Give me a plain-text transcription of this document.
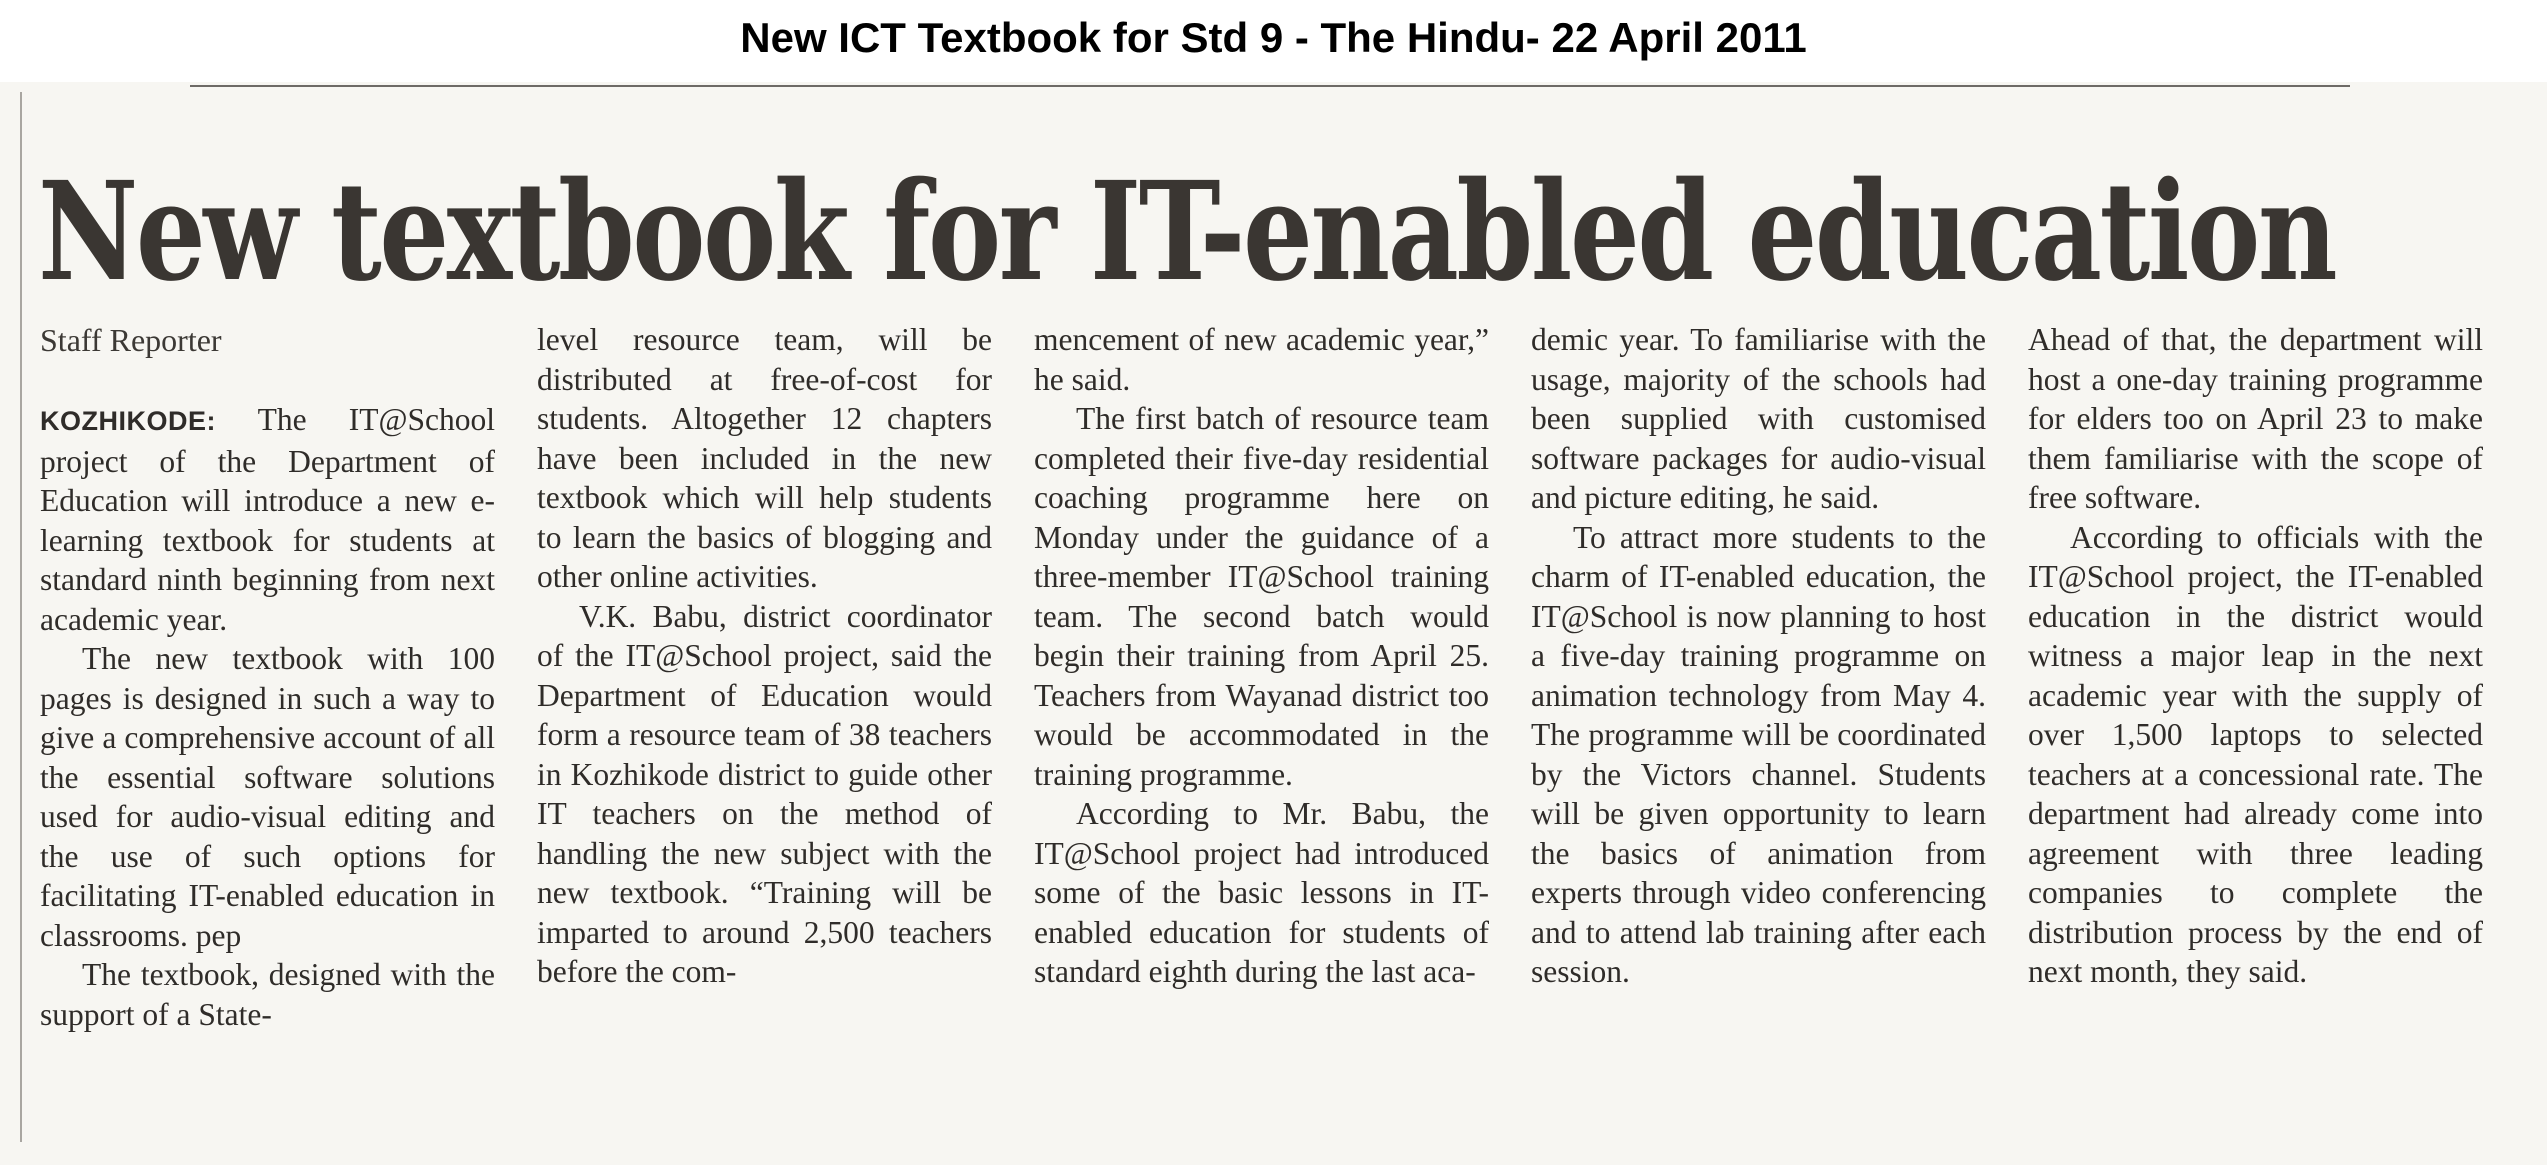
New ICT Textbook for Std 9 - The Hindu- 22 April 2011
New textbook for IT-enabled education
Staff Reporter

KOZHIKODE: The IT@School project of the Department of Education will introduce a new e-learning textbook for students at standard ninth beginning from next academic year.

The new textbook with 100 pages is designed in such a way to give a comprehensive account of all the essential software solutions used for audio-visual editing and the use of such options for facilitating IT-enabled education in classrooms. pep

The textbook, designed with the support of a State-

level resource team, will be distributed at free-of-cost for students. Altogether 12 chapters have been included in the new textbook which will help students to learn the basics of blogging and other online activities.

V.K. Babu, district coordinator of the IT@School project, said the Department of Education would form a resource team of 38 teachers in Kozhikode district to guide other IT teachers on the method of handling the new subject with the new textbook. “Training will be imparted to around 2,500 teachers before the com-

mencement of new academic year,” he said.

The first batch of resource team completed their five-day residential coaching programme here on Monday under the guidance of a three-member IT@School training team. The second batch would begin their training from April 25. Teachers from Wayanad district too would be accommodated in the training programme.

According to Mr. Babu, the IT@School project had introduced some of the basic lessons in IT-enabled education for students of standard eighth during the last aca-

demic year. To familiarise with the usage, majority of the schools had been supplied with customised software packages for audio-visual and picture editing, he said.

To attract more students to the charm of IT-enabled education, the IT@School is now planning to host a five-day training programme on animation technology from May 4. The programme will be coordinated by the Victors channel. Students will be given opportunity to learn the basics of animation from experts through video conferencing and to attend lab training after each session.

Ahead of that, the department will host a one-day training programme for elders too on April 23 to make them familiarise with the scope of free software.

According to officials with the IT@School project, the IT-enabled education in the district would witness a major leap in the next academic year with the supply of over 1,500 laptops to selected teachers at a concessional rate. The department had already come into agreement with three leading companies to complete the distribution process by the end of next month, they said.
